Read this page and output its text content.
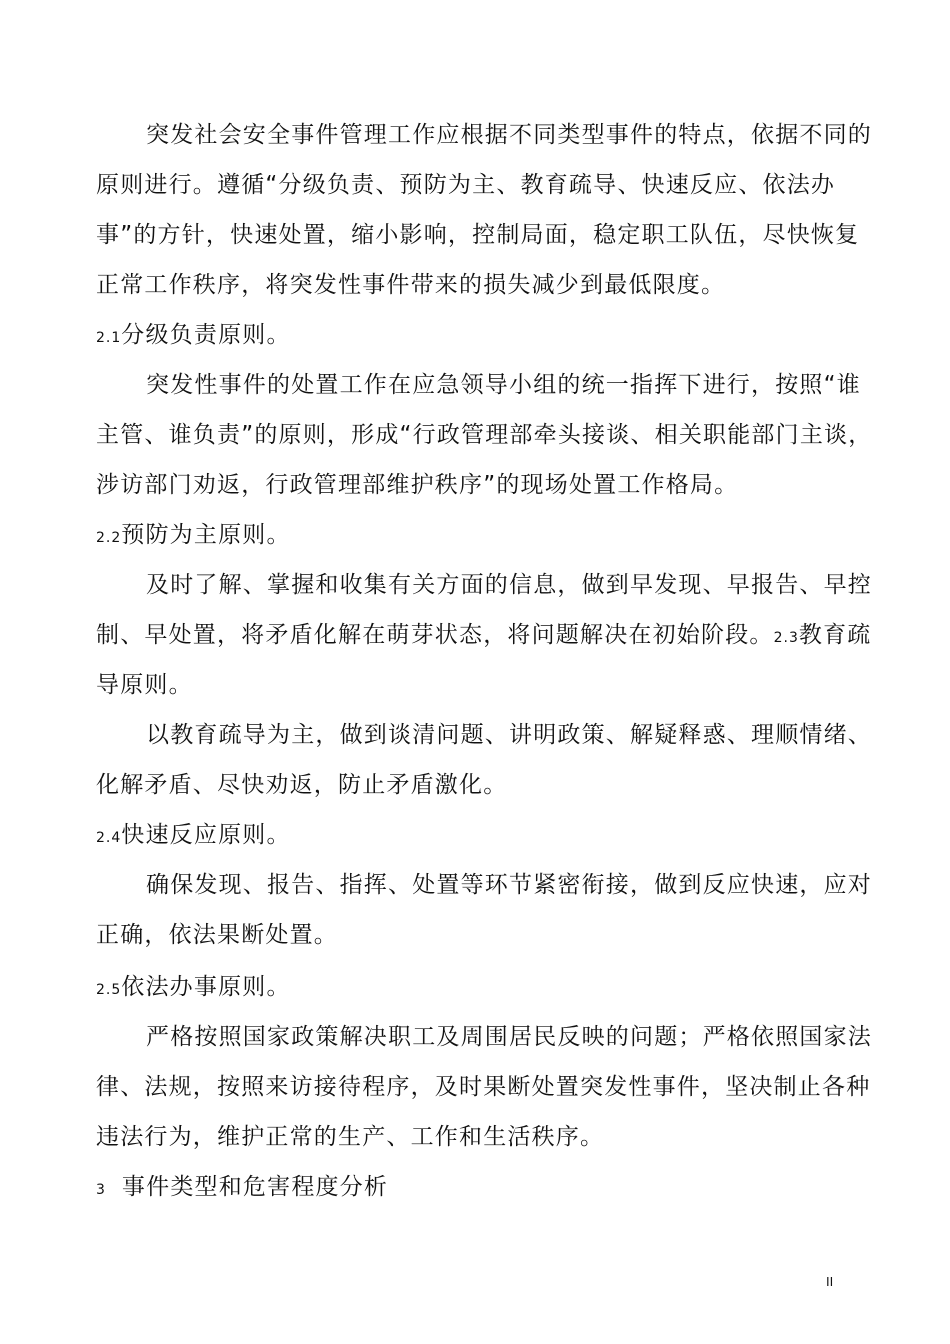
突发社会安全事件管理工作应根据不同类型事件的特点，依据不同的
原则进行。遵循“分级负责、预防为主、教育疏导、快速反应、依法办
事”的方针，快速处置，缩小影响，控制局面，稳定职工队伍，尽快恢复
正常工作秩序，将突发性事件带来的损失减少到最低限度。
2.1分级负责原则。
突发性事件的处置工作在应急领导小组的统一指挥下进行，按照“谁
主管、谁负责”的原则，形成“行政管理部牵头接谈、相关职能部门主谈，
涉访部门劝返，行政管理部维护秩序”的现场处置工作格局。
2.2预防为主原则。
及时了解、掌握和收集有关方面的信息，做到早发现、早报告、早控
制、早处置，将矛盾化解在萌芽状态，将问题解决在初始阶段。2.3教育疏
导原则。
以教育疏导为主，做到谈清问题、讲明政策、解疑释惑、理顺情绪、
化解矛盾、尽快劝返，防止矛盾激化。
2.4快速反应原则。
确保发现、报告、指挥、处置等环节紧密衔接，做到反应快速，应对
正确，依法果断处置。
2.5依法办事原则。
严格按照国家政策解决职工及周围居民反映的问题；严格依照国家法
律、法规，按照来访接待程序，及时果断处置突发性事件，坚决制止各种
违法行为，维护正常的生产、工作和生活秩序。
3 事件类型和危害程度分析
II
